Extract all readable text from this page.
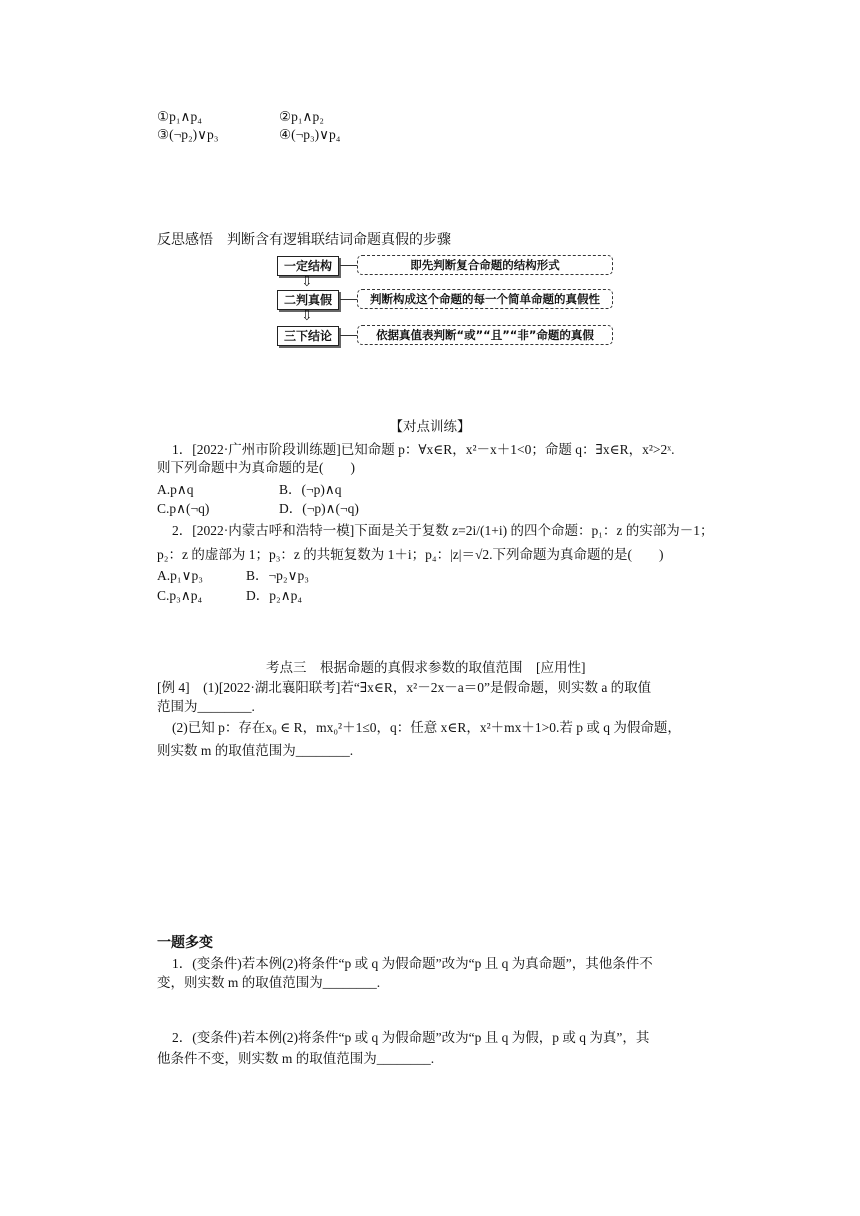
①p₁∧p₄	②p₁∧p₂
③(¬p₂)∨p₃	④(¬p₃)∨p₄
反思感悟　判断含有逻辑联结词命题真假的步骤
一定结构	即先判断复合命题的结构形式
⇩
二判真假	判断构成这个命题的每一个简单命题的真假性
⇩
三下结论	依据真值表判断“或”“且”“非”命题的真假
【对点训练】
1．[2022·广州市阶段训练题]已知命题 p：∀x∈R，x²－x＋1<0；命题 q：∃x∈R，x²>2ˣ.
则下列命题中为真命题的是(　　)
A.p∧q	B．(¬p)∧q
C.p∧(¬q)	D．(¬p)∧(¬q)
2．[2022·内蒙古呼和浩特一模]下面是关于复数 z=2i/(1+i) 的四个命题：p₁：z 的实部为－1；
p₂：z 的虚部为 1；p₃：z 的共轭复数为 1＋i；p₄：|z|＝√2.下列命题为真命题的是(　　)
A.p₁∨p₃	B．¬p₂∨p₃
C.p₃∧p₄	D．p₂∧p₄
考点三　根据命题的真假求参数的取值范围　[应用性]
[例 4]　(1)[2022·湖北襄阳联考]若“∃x∈R，x²－2x－a＝0”是假命题，则实数 a 的取值
范围为________.
(2)已知 p：存在x₀ ∈ R，mx₀²＋1≤0，q：任意 x∈R，x²＋mx＋1>0.若 p 或 q 为假命题，
则实数 m 的取值范围为________.
一题多变
1．(变条件)若本例(2)将条件“p 或 q 为假命题”改为“p 且 q 为真命题”，其他条件不
变，则实数 m 的取值范围为________.
2．(变条件)若本例(2)将条件“p 或 q 为假命题”改为“p 且 q 为假，p 或 q 为真”，其
他条件不变，则实数 m 的取值范围为________.
